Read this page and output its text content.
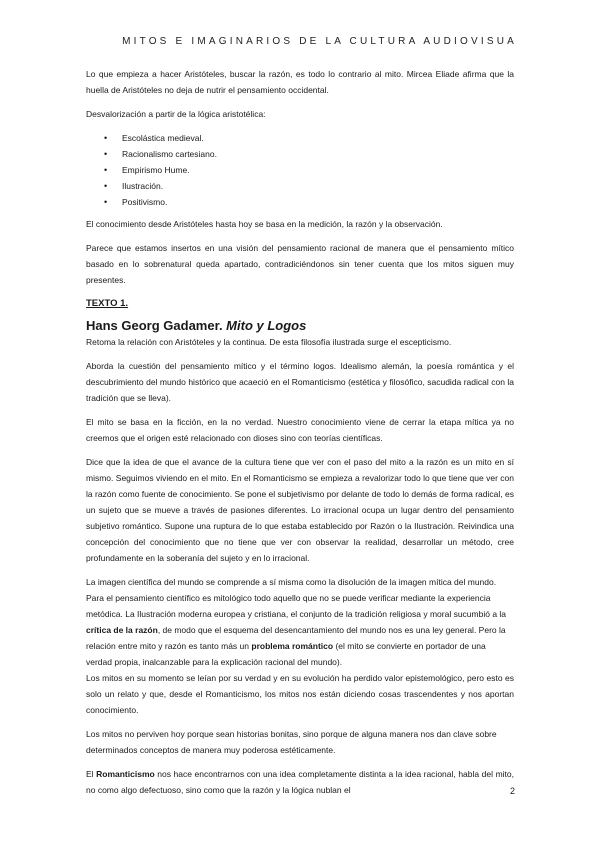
MITOS E IMAGINARIOS DE LA CULTURA AUDIOVISUA

Lo que empieza a hacer Aristóteles, buscar la razón, es todo lo contrario al mito. Mircea Eliade afirma que la huella de Aristóteles no deja de nutrir el pensamiento occidental.

Desvalorización a partir de la lógica aristotélica:

• Escolástica medieval.
• Racionalismo cartesiano.
• Empirismo Hume.
• Ilustración.
• Positivismo.

El conocimiento desde Aristóteles hasta hoy se basa en la medición, la razón y la observación.

Parece que estamos insertos en una visión del pensamiento racional de manera que el pensamiento mítico basado en lo sobrenatural queda apartado, contradiciéndonos sin tener cuenta que los mitos siguen muy presentes.

TEXTO 1.
Hans Georg Gadamer. Mito y Logos

Retoma la relación con Aristóteles y la continua. De esta filosofía ilustrada surge el escepticismo.

Aborda la cuestión del pensamiento mítico y el término logos. Idealismo alemán, la poesía romántica y el descubrimiento del mundo histórico que acaeció en el Romanticismo (estética y filosófico, sacudida radical con la tradición que se lleva).

El mito se basa en la ficción, en la no verdad. Nuestro conocimiento viene de cerrar la etapa mítica ya no creemos que el origen esté relacionado con dioses sino con teorías científicas.

Dice que la idea de que el avance de la cultura tiene que ver con el paso del mito a la razón es un mito en sí mismo. Seguimos viviendo en el mito. En el Romanticismo se empieza a revalorizar todo lo que tiene que ver con la razón como fuente de conocimiento. Se pone el subjetivismo por delante de todo lo demás de forma radical, es un sujeto que se mueve a través de pasiones diferentes. Lo irracional ocupa un lugar dentro del pensamiento subjetivo romántico. Supone una ruptura de lo que estaba establecido por Razón o la Ilustración. Reivindica una concepción del conocimiento que no tiene que ver con observar la realidad, desarrollar un método, cree profundamente en la soberanía del sujeto y en lo irracional.

La imagen científica del mundo se comprende a sí misma como la disolución de la imagen mítica del mundo. Para el pensamiento científico es mitológico todo aquello que no se puede verificar mediante la experiencia metódica. La Ilustración moderna europea y cristiana, el conjunto de la tradición religiosa y moral sucumbió a la crítica de la razón, de modo que el esquema del desencantamiento del mundo nos es una ley general. Pero la relación entre mito y razón es tanto más un problema romántico (el mito se convierte en portador de una verdad propia, inalcanzable para la explicación racional del mundo).

Los mitos en su momento se leían por su verdad y en su evolución ha perdido valor epistemológico, pero esto es solo un relato y que, desde el Romanticismo, los mitos nos están diciendo cosas trascendentes y nos aportan conocimiento.

Los mitos no perviven hoy porque sean historias bonitas, sino porque de alguna manera nos dan clave sobre determinados conceptos de manera muy poderosa estéticamente.

El Romanticismo nos hace encontrarnos con una idea completamente distinta a la idea racional, habla del mito, no como algo defectuoso, sino como que la razón y la lógica nublan el	2
